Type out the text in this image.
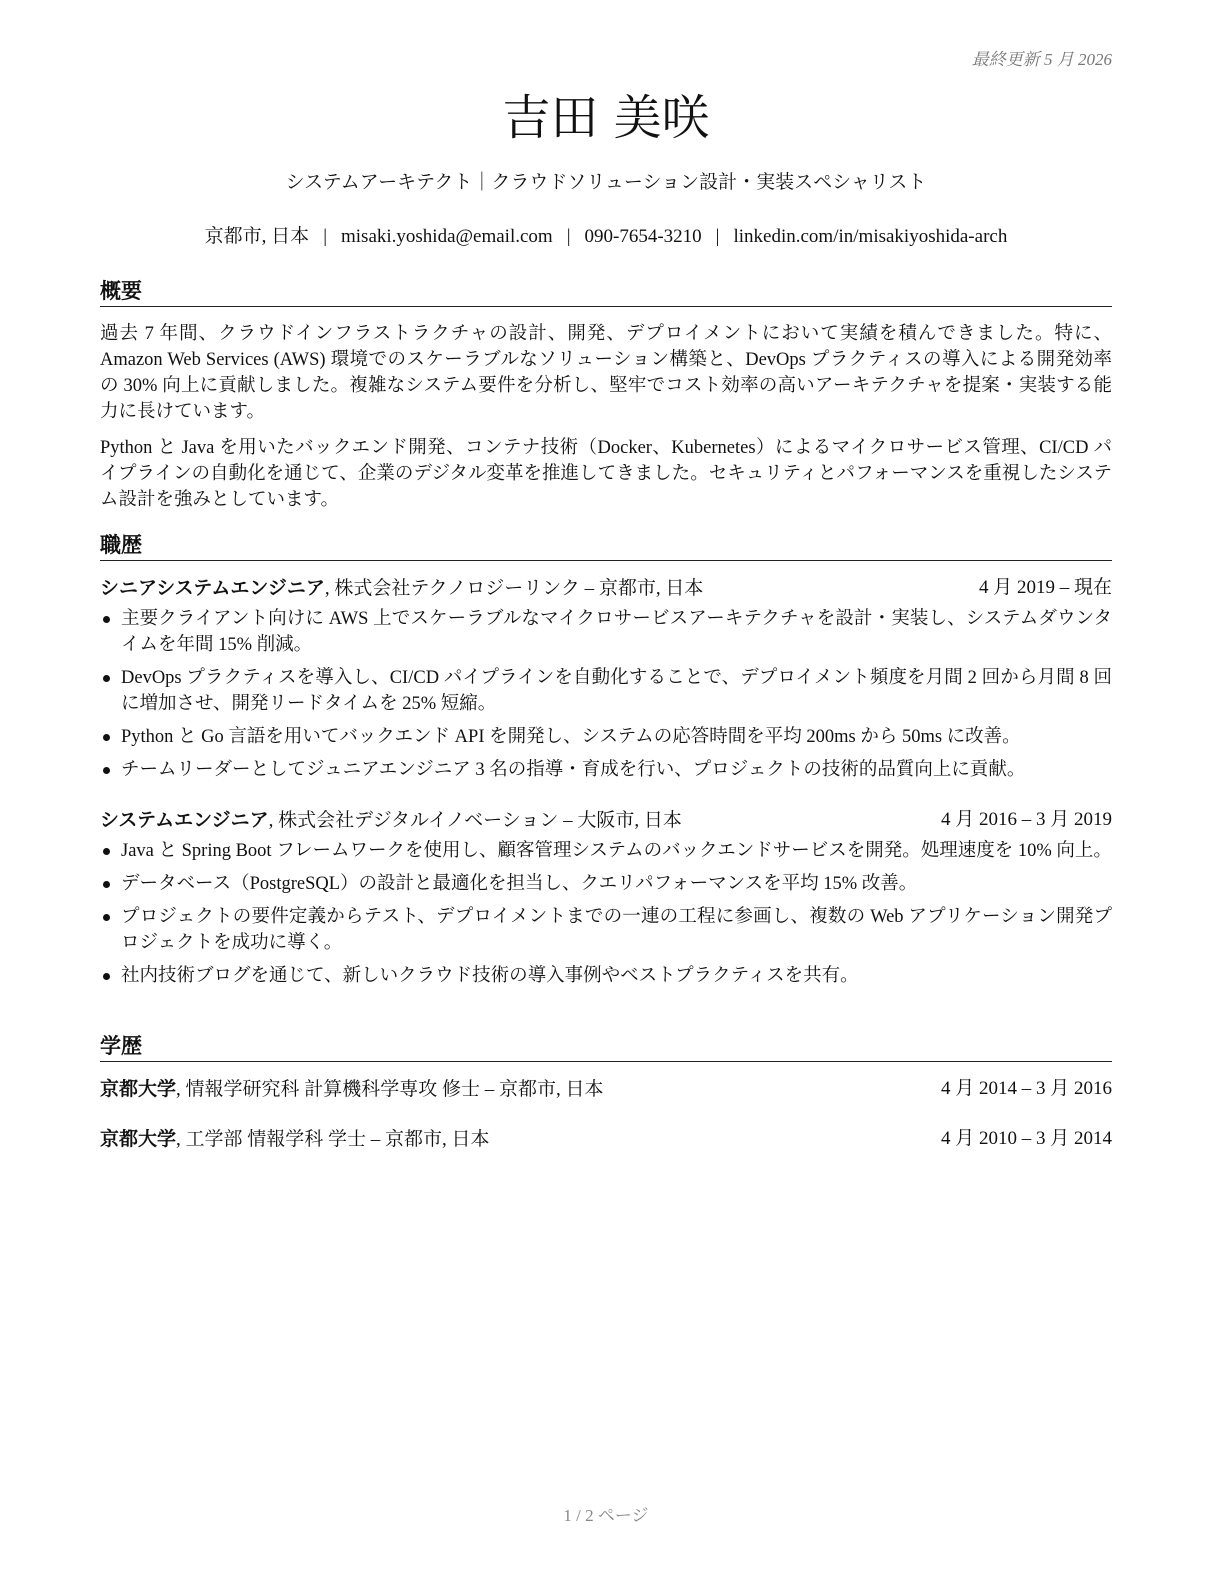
最終更新 5 月 2026
吉田 美咲
システムアーキテクト｜クラウドソリューション設計・実装スペシャリスト
京都市, 日本 | misaki.yoshida@email.com | 090-7654-3210 | linkedin.com/in/misakiyoshida-arch
概要

過去 7 年間、クラウドインフラストラクチャの設計、開発、デプロイメントにおいて実績を積んできました。特に、Amazon Web Services (AWS) 環境でのスケーラブルなソリューション構築と、DevOps プラクティスの導入による開発効率の 30% 向上に貢献しました。複雑なシステム要件を分析し、堅牢でコスト効率の高いアーキテクチャを提案・実装する能力に長けています。

Python と Java を用いたバックエンド開発、コンテナ技術（Docker、Kubernetes）によるマイクロサービス管理、CI/CD パイプラインの自動化を通じて、企業のデジタル変革を推進してきました。セキュリティとパフォーマンスを重視したシステム設計を強みとしています。

職歴
シニアシステムエンジニア, 株式会社テクノロジーリンク – 京都市, 日本	4 月 2019 – 現在
主要クライアント向けに AWS 上でスケーラブルなマイクロサービスアーキテクチャを設計・実装し、システムダウンタイムを年間 15% 削減。
DevOps プラクティスを導入し、CI/CD パイプラインを自動化することで、デプロイメント頻度を月間 2 回から月間 8 回に増加させ、開発リードタイムを 25% 短縮。
Python と Go 言語を用いてバックエンド API を開発し、システムの応答時間を平均 200ms から 50ms に改善。
チームリーダーとしてジュニアエンジニア 3 名の指導・育成を行い、プロジェクトの技術的品質向上に貢献。
システムエンジニア, 株式会社デジタルイノベーション – 大阪市, 日本	4 月 2016 – 3 月 2019
Java と Spring Boot フレームワークを使用し、顧客管理システムのバックエンドサービスを開発。処理速度を 10% 向上。
データベース（PostgreSQL）の設計と最適化を担当し、クエリパフォーマンスを平均 15% 改善。
プロジェクトの要件定義からテスト、デプロイメントまでの一連の工程に参画し、複数の Web アプリケーション開発プロジェクトを成功に導く。
社内技術ブログを通じて、新しいクラウド技術の導入事例やベストプラクティスを共有。
学歴
京都大学, 情報学研究科 計算機科学専攻 修士 – 京都市, 日本	4 月 2014 – 3 月 2016
京都大学, 工学部 情報学科 学士 – 京都市, 日本	4 月 2010 – 3 月 2014
1 / 2 ページ
